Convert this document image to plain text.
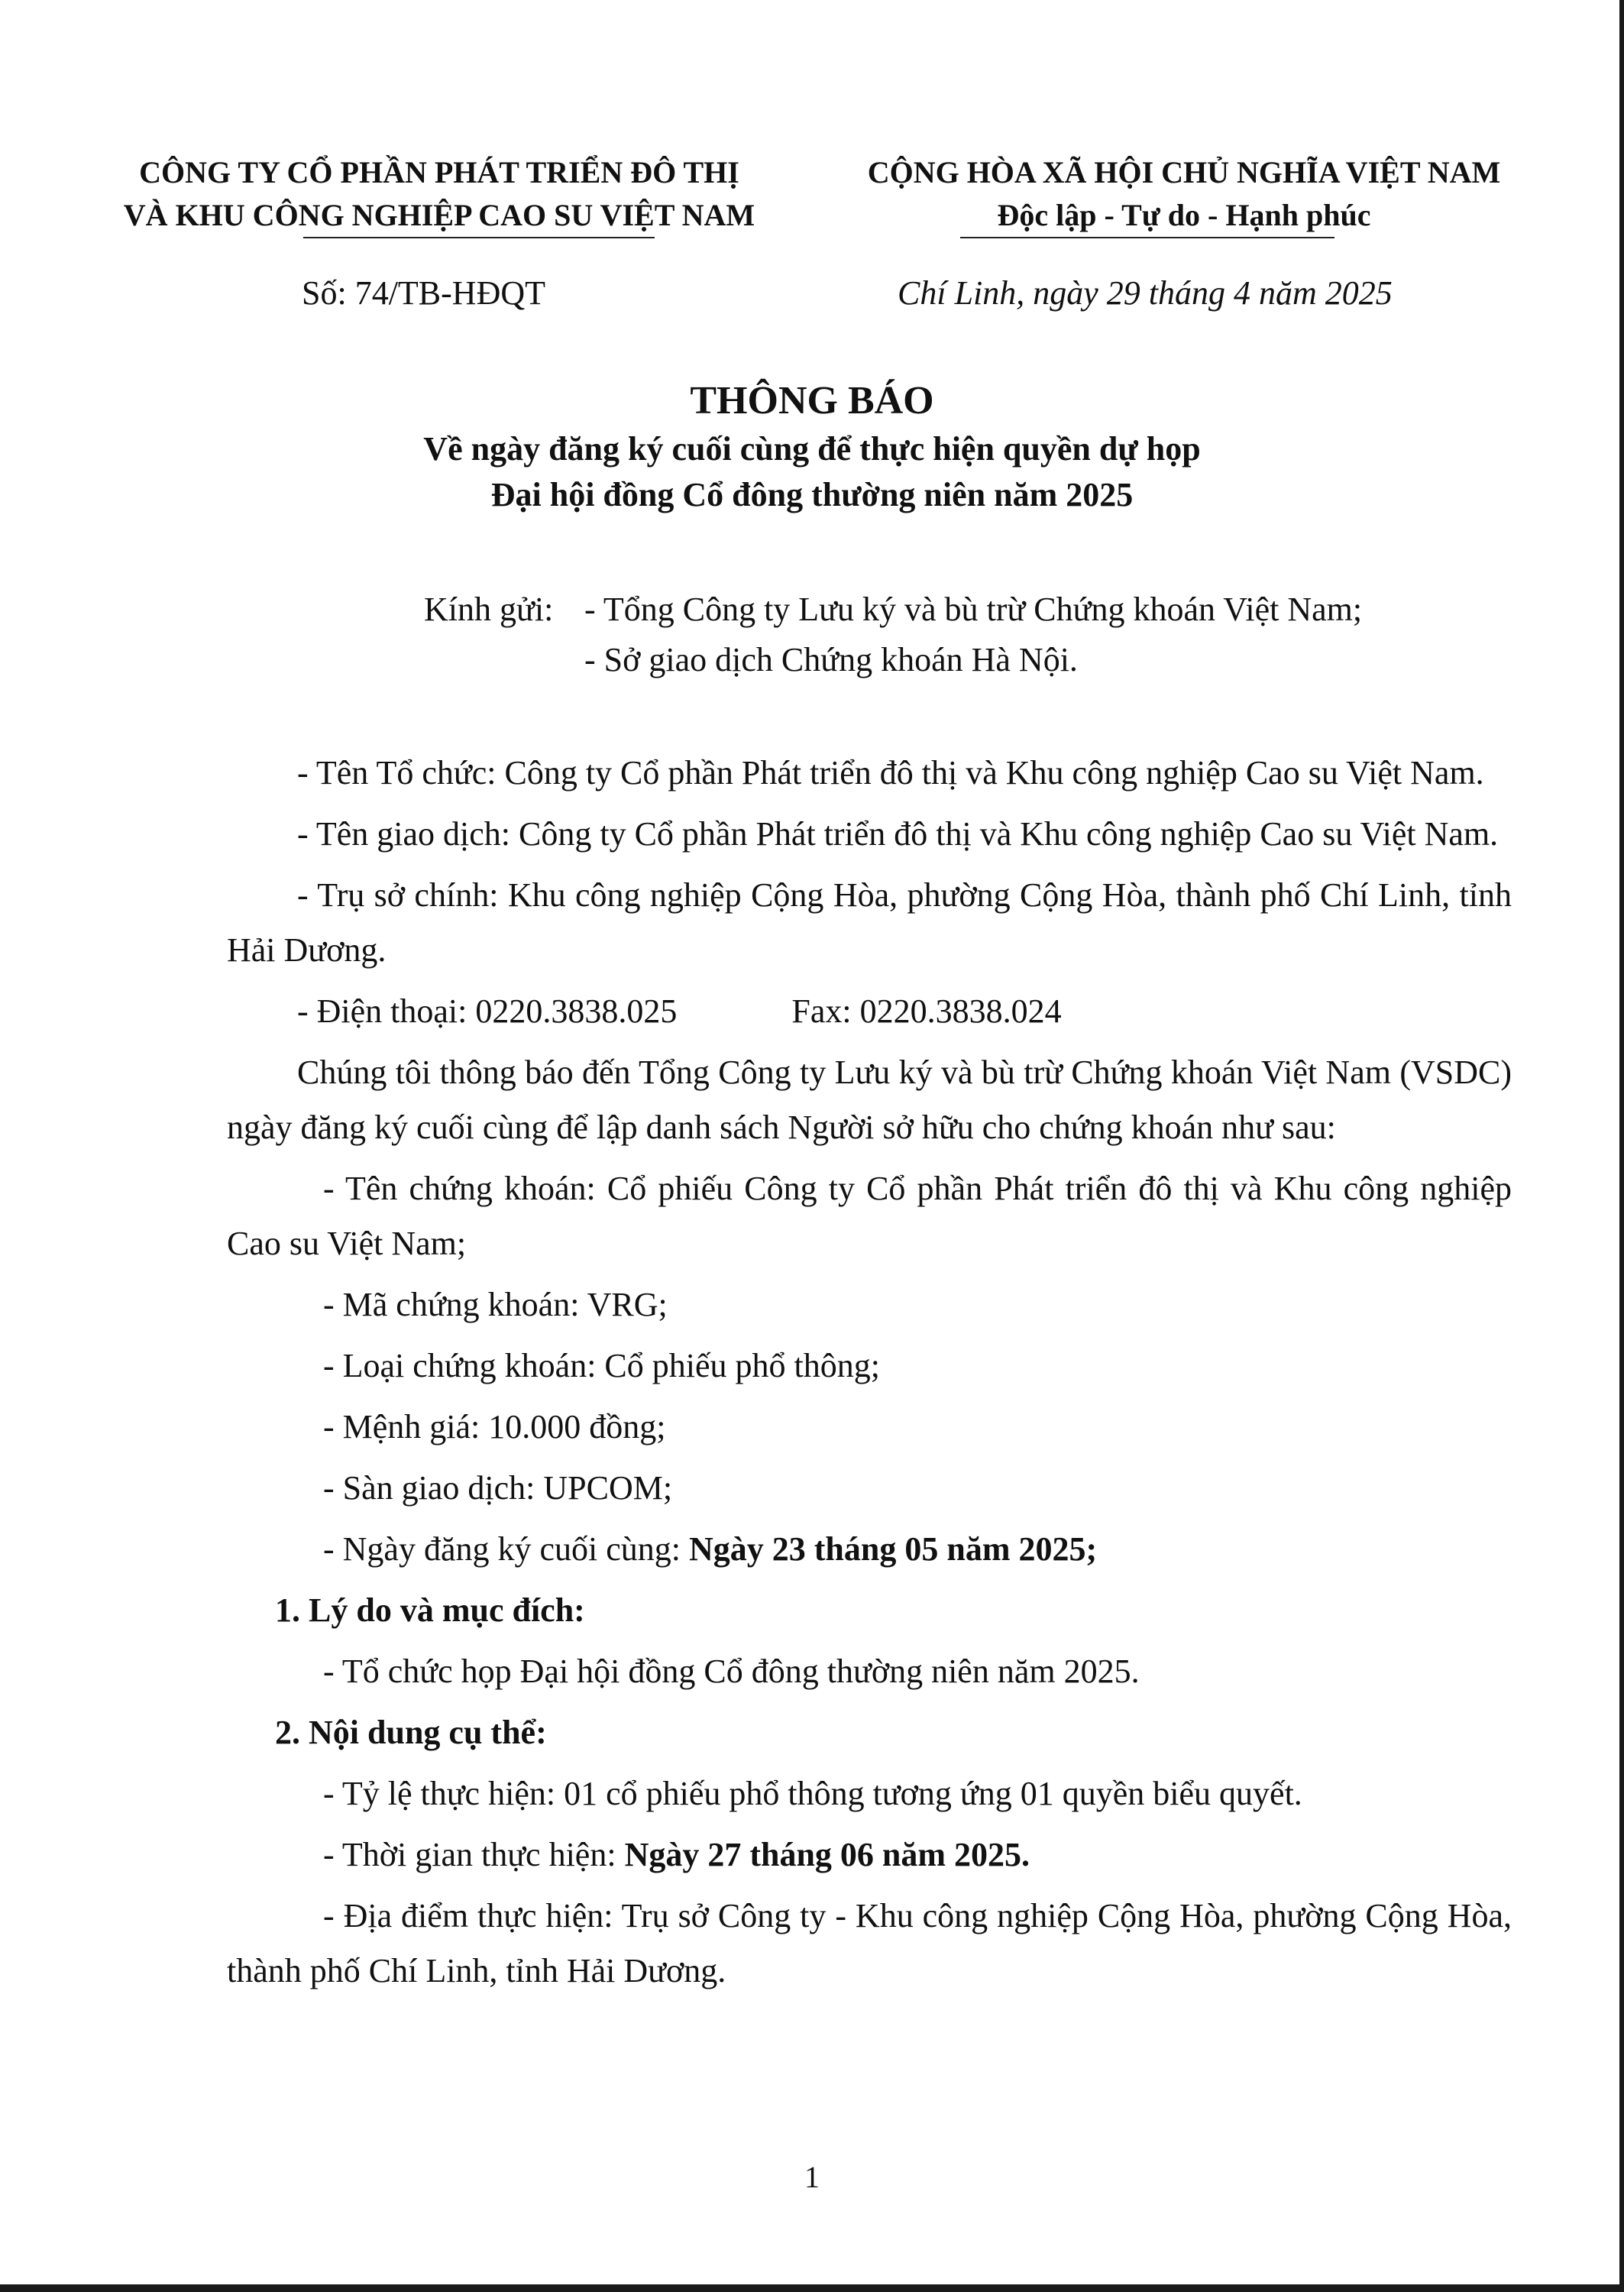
CÔNG TY CỔ PHẦN PHÁT TRIỂN ĐÔ THỊ
VÀ KHU CÔNG NGHIỆP CAO SU VIỆT NAM
CỘNG HÒA XÃ HỘI CHỦ NGHĨA VIỆT NAM
Độc lập - Tự do - Hạnh phúc
Số: 74/TB-HĐQT	Chí Linh, ngày 29 tháng 4 năm 2025
THÔNG BÁO
Về ngày đăng ký cuối cùng để thực hiện quyền dự họp
Đại hội đồng Cổ đông thường niên năm 2025
Kính gửi: - Tổng Công ty Lưu ký và bù trừ Chứng khoán Việt Nam;
- Sở giao dịch Chứng khoán Hà Nội.

- Tên Tổ chức: Công ty Cổ phần Phát triển đô thị và Khu công nghiệp Cao su Việt Nam.

- Tên giao dịch: Công ty Cổ phần Phát triển đô thị và Khu công nghiệp Cao su Việt Nam.

- Trụ sở chính: Khu công nghiệp Cộng Hòa, phường Cộng Hòa, thành phố Chí Linh, tỉnh Hải Dương.

- Điện thoại: 0220.3838.025	Fax: 0220.3838.024

Chúng tôi thông báo đến Tổng Công ty Lưu ký và bù trừ Chứng khoán Việt Nam (VSDC) ngày đăng ký cuối cùng để lập danh sách Người sở hữu cho chứng khoán như sau:

- Tên chứng khoán: Cổ phiếu Công ty Cổ phần Phát triển đô thị và Khu công nghiệp Cao su Việt Nam;

- Mã chứng khoán: VRG;

- Loại chứng khoán: Cổ phiếu phổ thông;

- Mệnh giá: 10.000 đồng;

- Sàn giao dịch: UPCOM;

- Ngày đăng ký cuối cùng: Ngày 23 tháng 05 năm 2025;

1. Lý do và mục đích:

- Tổ chức họp Đại hội đồng Cổ đông thường niên năm 2025.

2. Nội dung cụ thể:

- Tỷ lệ thực hiện: 01 cổ phiếu phổ thông tương ứng 01 quyền biểu quyết.

- Thời gian thực hiện: Ngày 27 tháng 06 năm 2025.

- Địa điểm thực hiện: Trụ sở Công ty - Khu công nghiệp Cộng Hòa, phường Cộng Hòa, thành phố Chí Linh, tỉnh Hải Dương.

1
